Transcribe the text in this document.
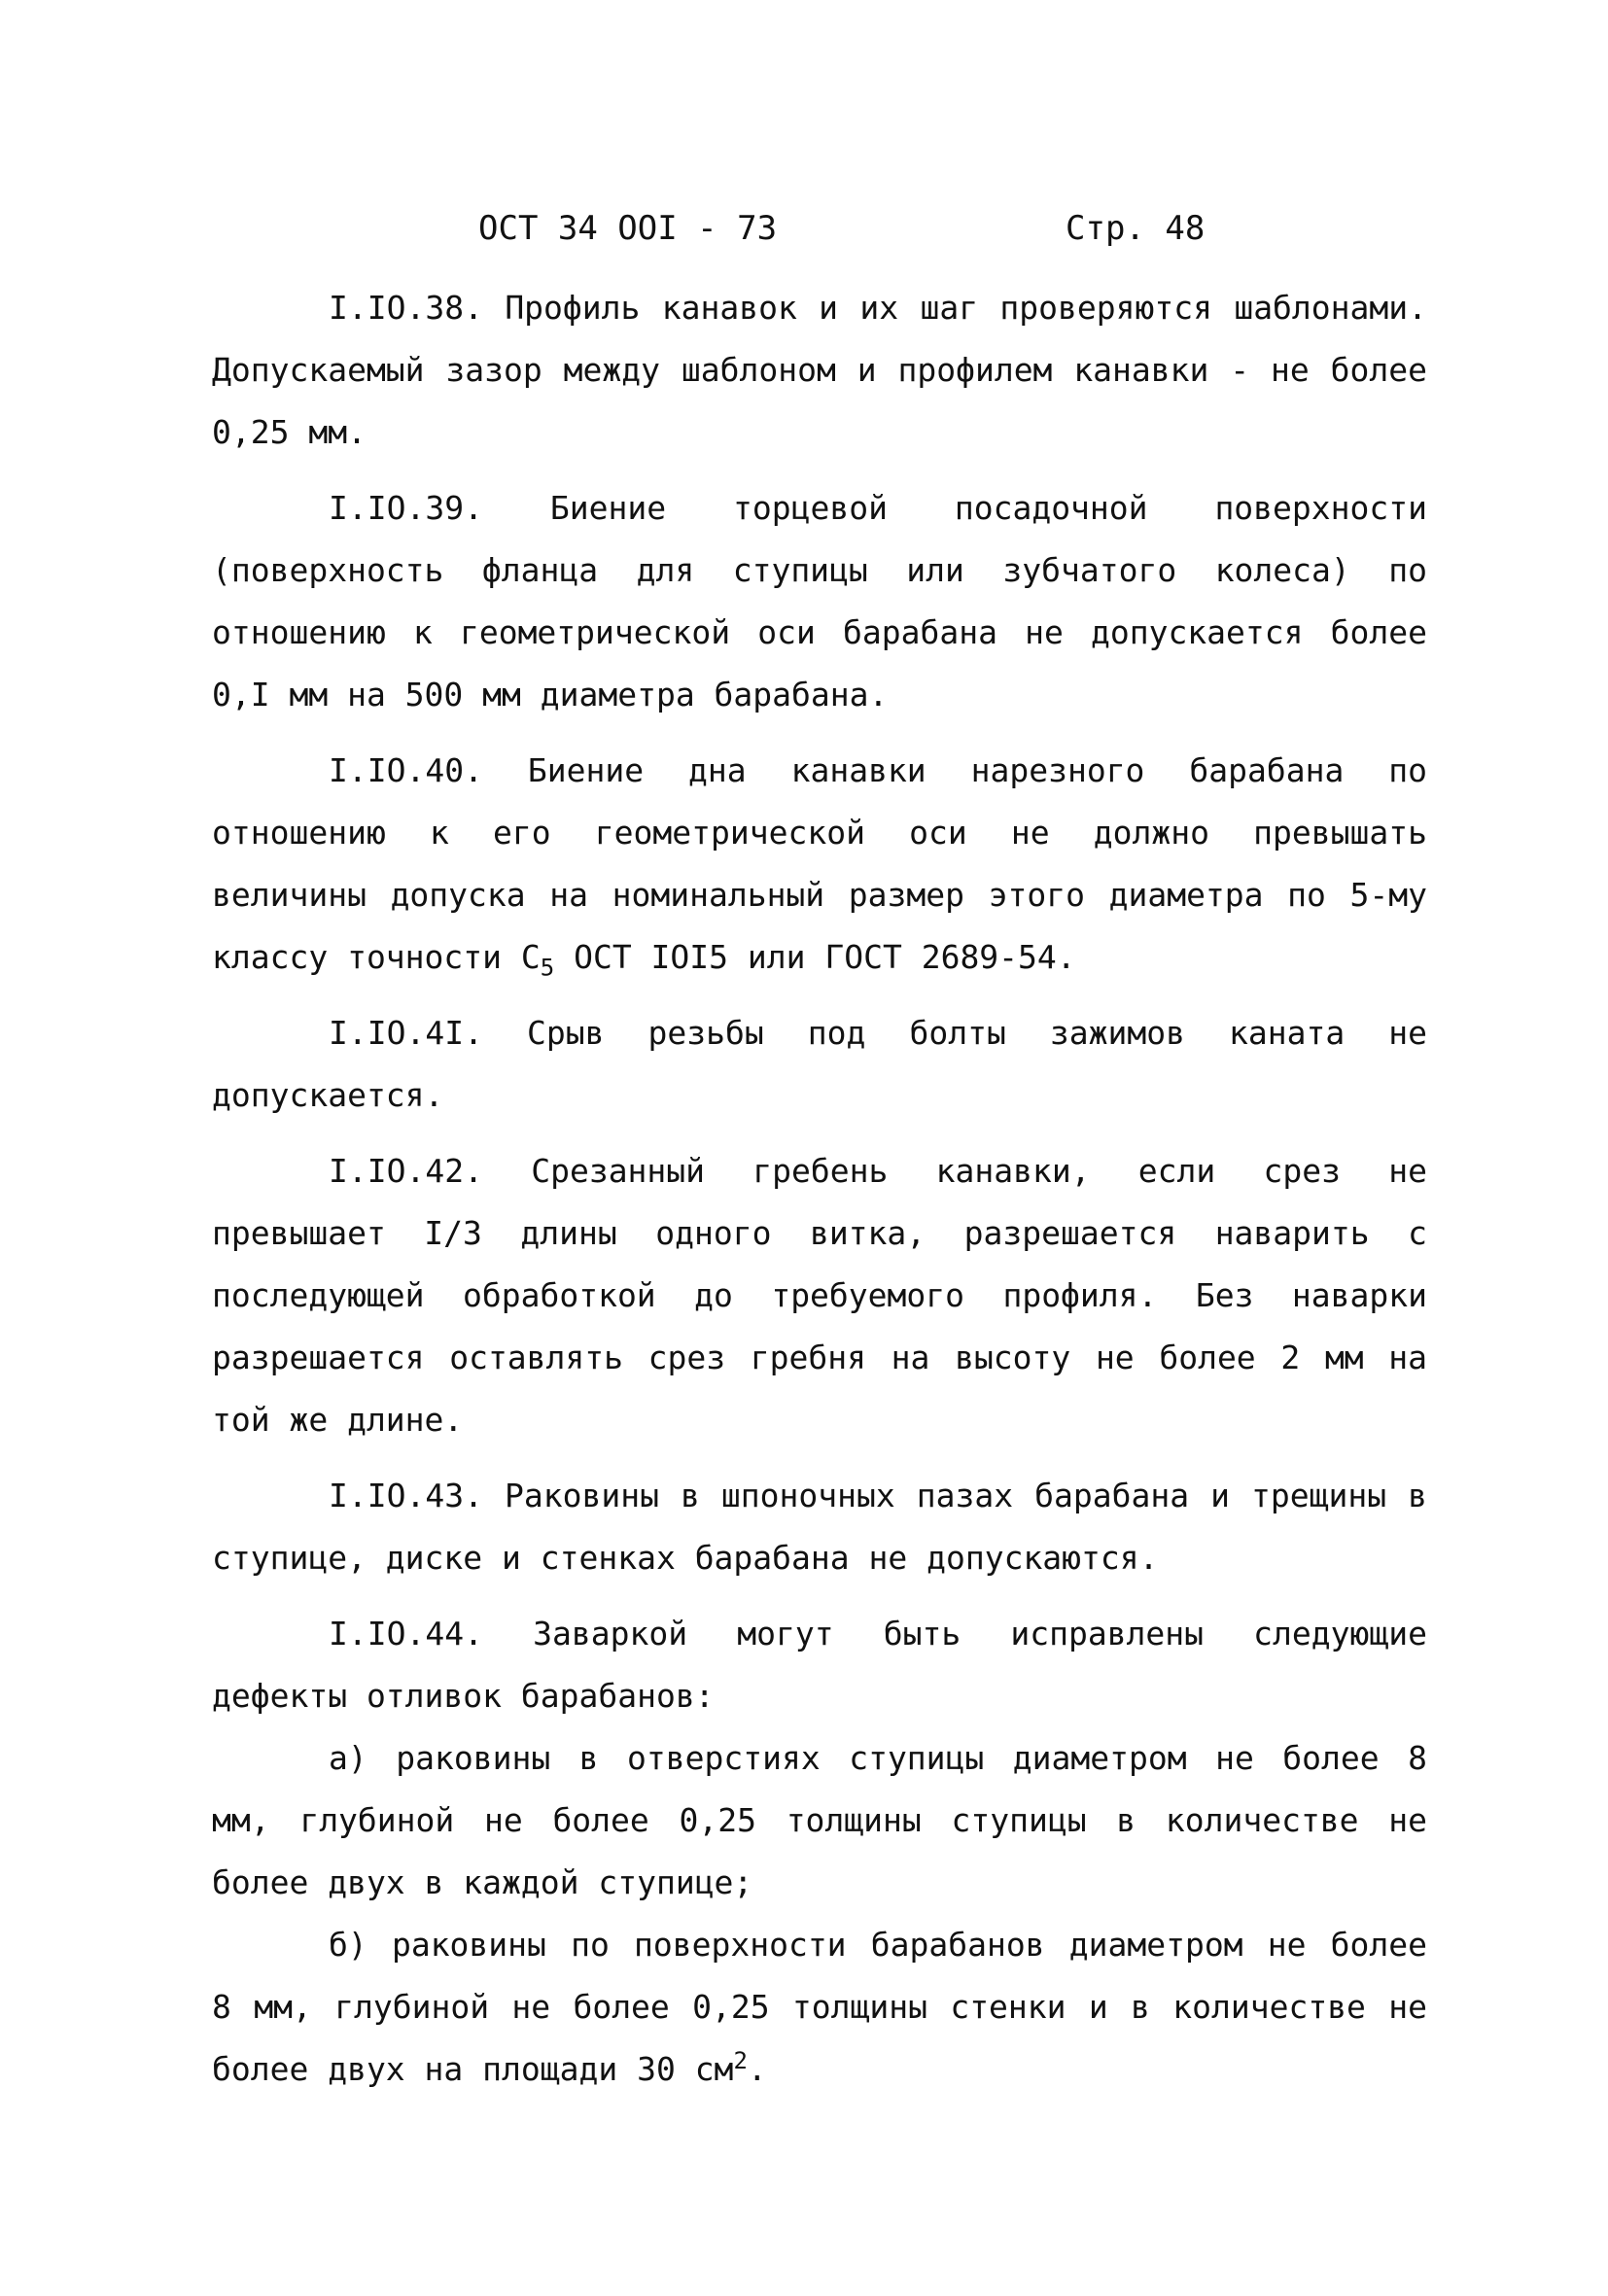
ОСТ 34 ООI - 73	Стр. 48

I.IO.38. Профиль канавок и их шаг проверяются шаблонами. Допускаемый зазор между шаблоном и профилем канавки - не более 0,25 мм.

I.IO.39. Биение торцевой посадочной поверхности (поверхность фланца для ступицы или зубчатого колеса) по отношению к геометрической оси барабана не допускается более 0,I мм на 500 мм диаметра барабана.

I.IO.40. Биение дна канавки нарезного барабана по отношению к его геометрической оси не должно превышать величины допуска на номинальный размер этого диаметра по 5-му классу точности $С_5$ ОСТ IOI5 или ГОСТ 2689-54.

I.IO.4I. Срыв резьбы под болты зажимов каната не допускается.

I.IO.42. Срезанный гребень канавки, если срез не превышает I/3 длины одного витка, разрешается наварить с последующей обработкой до требуемого профиля. Без наварки разрешается оставлять срез гребня на высоту не более 2 мм на той же длине.

I.IO.43. Раковины в шпоночных пазах барабана и трещины в ступице, диске и стенках барабана не допускаются.

I.IO.44. Заваркой могут быть исправлены следующие дефекты отливок барабанов:

а) раковины в отверстиях ступицы диаметром не более 8 мм, глубиной не более 0,25 толщины ступицы в количестве не более двух в каждой ступице;

б) раковины по поверхности барабанов диаметром не более 8 мм, глубиной не более 0,25 толщины стенки и в количестве не более двух на площади 30 $см^2$.
